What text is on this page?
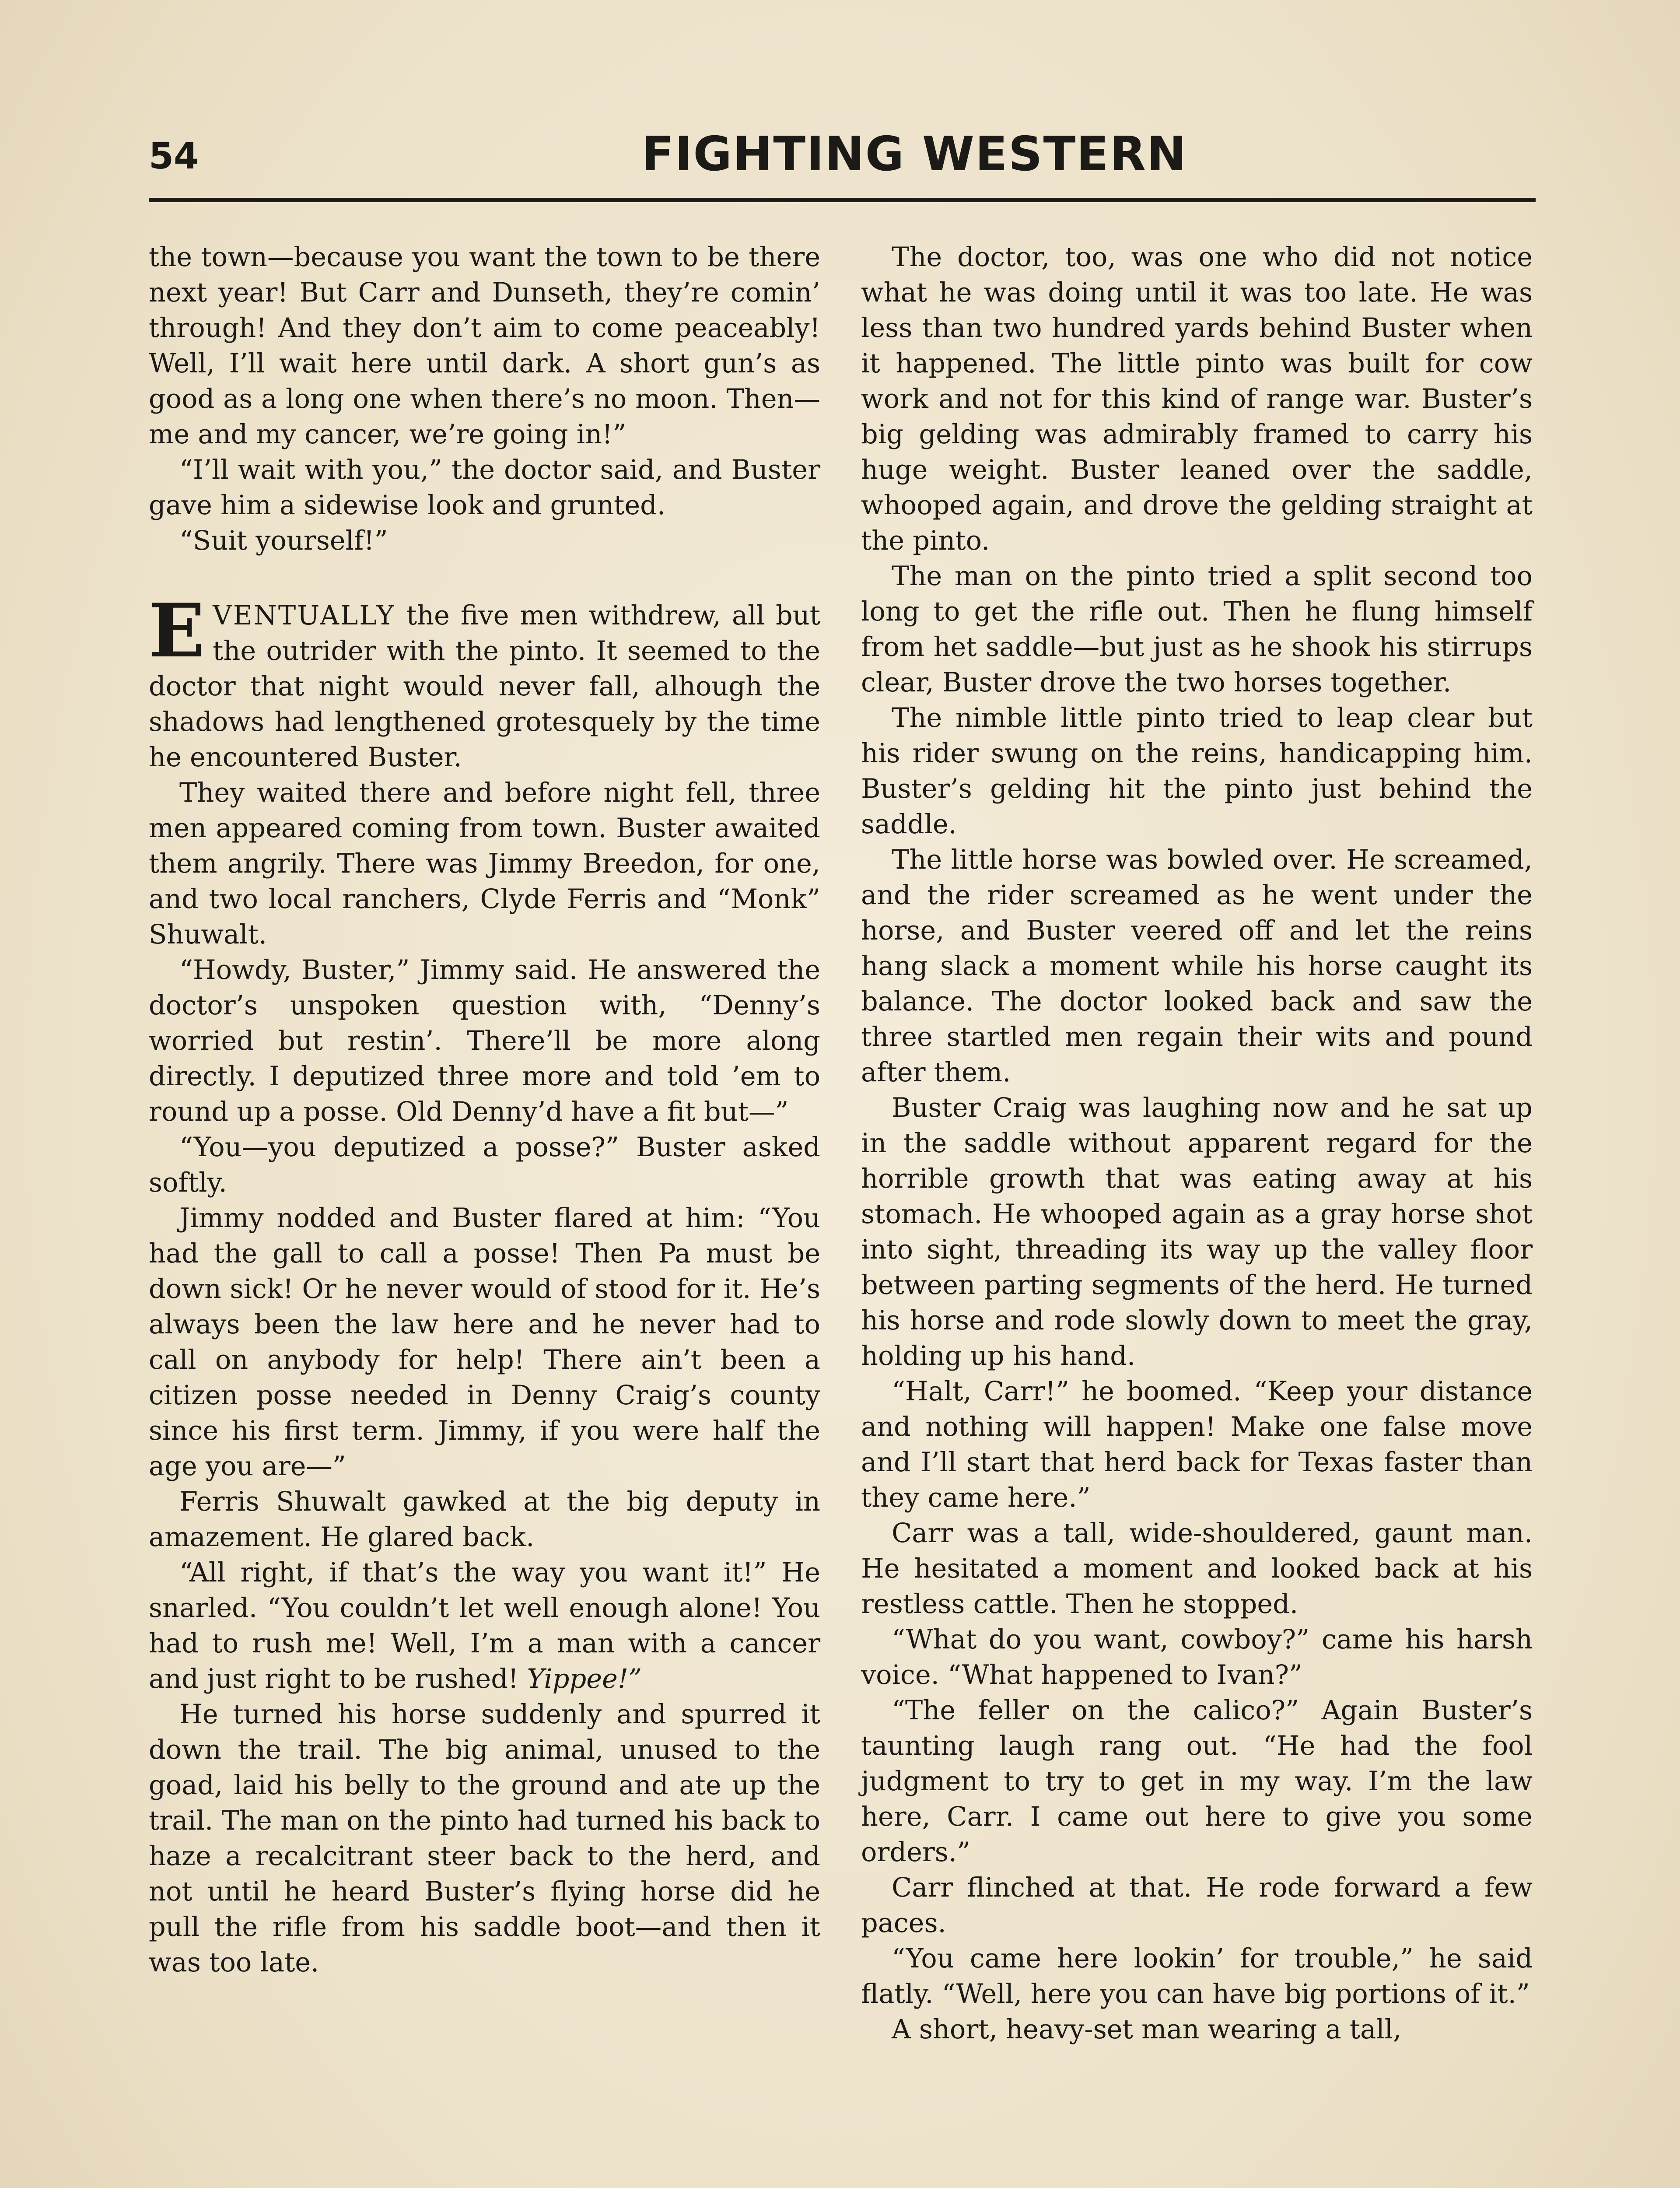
54	FIGHTING WESTERN

the town—because you want the town to be there next year! But Carr and Dunseth, they’re comin’ through! And they don’t aim to come peaceably! Well, I’ll wait here until dark. A short gun’s as good as a long one when there’s no moon. Then—me and my cancer, we’re going in!”

“I’ll wait with you,” the doctor said, and Buster gave him a sidewise look and grunted.

“Suit yourself!”

EVENTUALLY the five men withdrew, all but the outrider with the pinto. It seemed to the doctor that night would never fall, alhough the shadows had lengthened grotesquely by the time he encountered Buster.

They waited there and before night fell, three men appeared coming from town. Buster awaited them angrily. There was Jimmy Breedon, for one, and two local ranchers, Clyde Ferris and “Monk” Shuwalt.

“Howdy, Buster,” Jimmy said. He answered the doctor’s unspoken question with, “Denny’s worried but restin’. There’ll be more along directly. I deputized three more and told ’em to round up a posse. Old Denny’d have a fit but—”

“You—you deputized a posse?” Buster asked softly.

Jimmy nodded and Buster flared at him: “You had the gall to call a posse! Then Pa must be down sick! Or he never would of stood for it. He’s always been the law here and he never had to call on anybody for help! There ain’t been a citizen posse needed in Denny Craig’s county since his first term. Jimmy, if you were half the age you are—”

Ferris Shuwalt gawked at the big deputy in amazement. He glared back.

“All right, if that’s the way you want it!” He snarled. “You couldn’t let well enough alone! You had to rush me! Well, I’m a man with a cancer and just right to be rushed! Yippee!”

He turned his horse suddenly and spurred it down the trail. The big animal, unused to the goad, laid his belly to the ground and ate up the trail. The man on the pinto had turned his back to haze a recalcitrant steer back to the herd, and not until he heard Buster’s flying horse did he pull the rifle from his saddle boot—and then it was too late.

The doctor, too, was one who did not notice what he was doing until it was too late. He was less than two hundred yards behind Buster when it happened. The little pinto was built for cow work and not for this kind of range war. Buster’s big gelding was admirably framed to carry his huge weight. Buster leaned over the saddle, whooped again, and drove the gelding straight at the pinto.

The man on the pinto tried a split second too long to get the rifle out. Then he flung himself from het saddle—but just as he shook his stirrups clear, Buster drove the two horses together.

The nimble little pinto tried to leap clear but his rider swung on the reins, handicapping him. Buster’s gelding hit the pinto just behind the saddle.

The little horse was bowled over. He screamed, and the rider screamed as he went under the horse, and Buster veered off and let the reins hang slack a moment while his horse caught its balance. The doctor looked back and saw the three startled men regain their wits and pound after them.

Buster Craig was laughing now and he sat up in the saddle without apparent regard for the horrible growth that was eating away at his stomach. He whooped again as a gray horse shot into sight, threading its way up the valley floor between parting segments of the herd. He turned his horse and rode slowly down to meet the gray, holding up his hand.

“Halt, Carr!” he boomed. “Keep your distance and nothing will happen! Make one false move and I’ll start that herd back for Texas faster than they came here.”

Carr was a tall, wide-shouldered, gaunt man. He hesitated a moment and looked back at his restless cattle. Then he stopped.

“What do you want, cowboy?” came his harsh voice. “What happened to Ivan?”

“The feller on the calico?” Again Buster’s taunting laugh rang out. “He had the fool judgment to try to get in my way. I’m the law here, Carr. I came out here to give you some orders.”

Carr flinched at that. He rode forward a few paces.

“You came here lookin’ for trouble,” he said flatly. “Well, here you can have big portions of it.”

A short, heavy-set man wearing a tall,
